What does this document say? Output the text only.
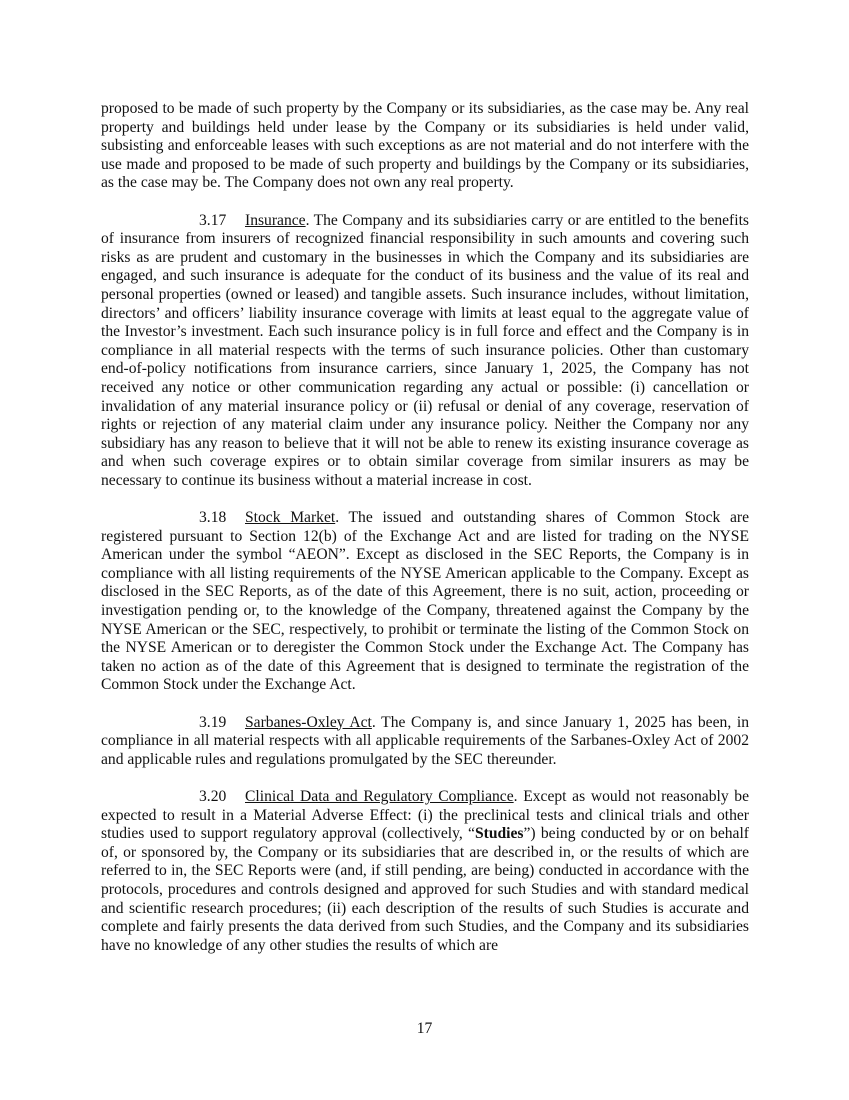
proposed to be made of such property by the Company or its subsidiaries, as the case may be. Any real property and buildings held under lease by the Company or its subsidiaries is held under valid, subsisting and enforceable leases with such exceptions as are not material and do not interfere with the use made and proposed to be made of such property and buildings by the Company or its subsidiaries, as the case may be. The Company does not own any real property.

3.17 Insurance. The Company and its subsidiaries carry or are entitled to the benefits of insurance from insurers of recognized financial responsibility in such amounts and covering such risks as are prudent and customary in the businesses in which the Company and its subsidiaries are engaged, and such insurance is adequate for the conduct of its business and the value of its real and personal properties (owned or leased) and tangible assets. Such insurance includes, without limitation, directors’ and officers’ liability insurance coverage with limits at least equal to the aggregate value of the Investor’s investment. Each such insurance policy is in full force and effect and the Company is in compliance in all material respects with the terms of such insurance policies. Other than customary end-of-policy notifications from insurance carriers, since January 1, 2025, the Company has not received any notice or other communication regarding any actual or possible: (i) cancellation or invalidation of any material insurance policy or (ii) refusal or denial of any coverage, reservation of rights or rejection of any material claim under any insurance policy. Neither the Company nor any subsidiary has any reason to believe that it will not be able to renew its existing insurance coverage as and when such coverage expires or to obtain similar coverage from similar insurers as may be necessary to continue its business without a material increase in cost.

3.18 Stock Market. The issued and outstanding shares of Common Stock are registered pursuant to Section 12(b) of the Exchange Act and are listed for trading on the NYSE American under the symbol “AEON”. Except as disclosed in the SEC Reports, the Company is in compliance with all listing requirements of the NYSE American applicable to the Company. Except as disclosed in the SEC Reports, as of the date of this Agreement, there is no suit, action, proceeding or investigation pending or, to the knowledge of the Company, threatened against the Company by the NYSE American or the SEC, respectively, to prohibit or terminate the listing of the Common Stock on the NYSE American or to deregister the Common Stock under the Exchange Act. The Company has taken no action as of the date of this Agreement that is designed to terminate the registration of the Common Stock under the Exchange Act.

3.19 Sarbanes-Oxley Act. The Company is, and since January 1, 2025 has been, in compliance in all material respects with all applicable requirements of the Sarbanes-Oxley Act of 2002 and applicable rules and regulations promulgated by the SEC thereunder.

3.20 Clinical Data and Regulatory Compliance. Except as would not reasonably be expected to result in a Material Adverse Effect: (i) the preclinical tests and clinical trials and other studies used to support regulatory approval (collectively, “Studies”) being conducted by or on behalf of, or sponsored by, the Company or its subsidiaries that are described in, or the results of which are referred to in, the SEC Reports were (and, if still pending, are being) conducted in accordance with the protocols, procedures and controls designed and approved for such Studies and with standard medical and scientific research procedures; (ii) each description of the results of such Studies is accurate and complete and fairly presents the data derived from such Studies, and the Company and its subsidiaries have no knowledge of any other studies the results of which are

17
